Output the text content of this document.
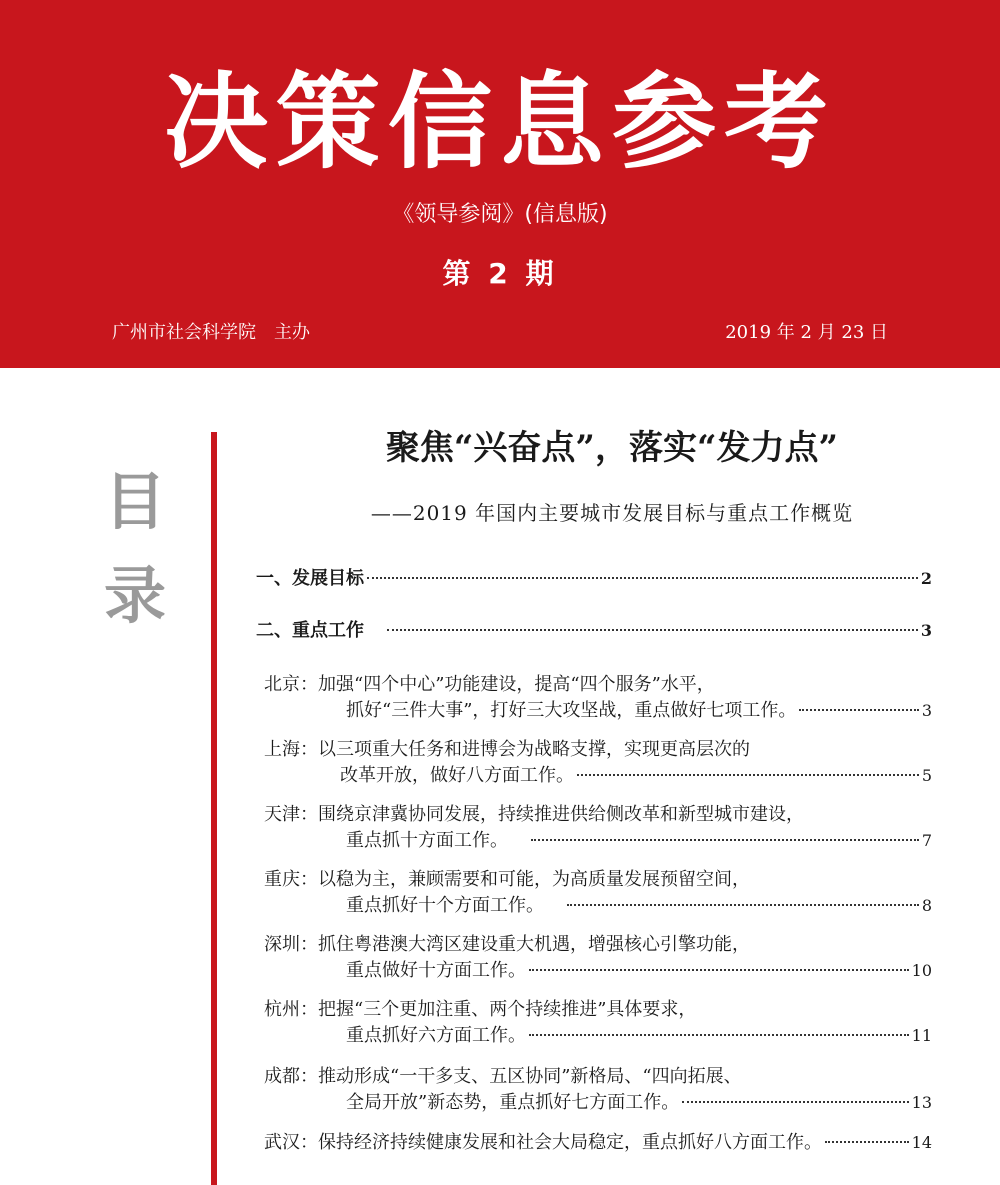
决策信息参考
《领导参阅》(信息版)
第 2 期
广州市社会科学院　主办	2019 年 2 月 23 日
目
录
聚焦“兴奋点”，落实“发力点”
——2019 年国内主要城市发展目标与重点工作概览
一、发展目标	2
二、重点工作	3
北京：加强“四个中心”功能建设，提高“四个服务”水平，
抓好“三件大事”，打好三大攻坚战，重点做好七项工作。	3
上海：以三项重大任务和进博会为战略支撑，实现更高层次的
改革开放，做好八方面工作。	5
天津：围绕京津冀协同发展，持续推进供给侧改革和新型城市建设，
重点抓十方面工作。	7
重庆：以稳为主，兼顾需要和可能，为高质量发展预留空间，
重点抓好十个方面工作。	8
深圳：抓住粤港澳大湾区建设重大机遇，增强核心引擎功能，
重点做好十方面工作。	10
杭州：把握“三个更加注重、两个持续推进”具体要求，
重点抓好六方面工作。	11
成都：推动形成“一干多支、五区协同”新格局、“四向拓展、
全局开放”新态势，重点抓好七方面工作。	13
武汉：保持经济持续健康发展和社会大局稳定，重点抓好八方面工作。	14
